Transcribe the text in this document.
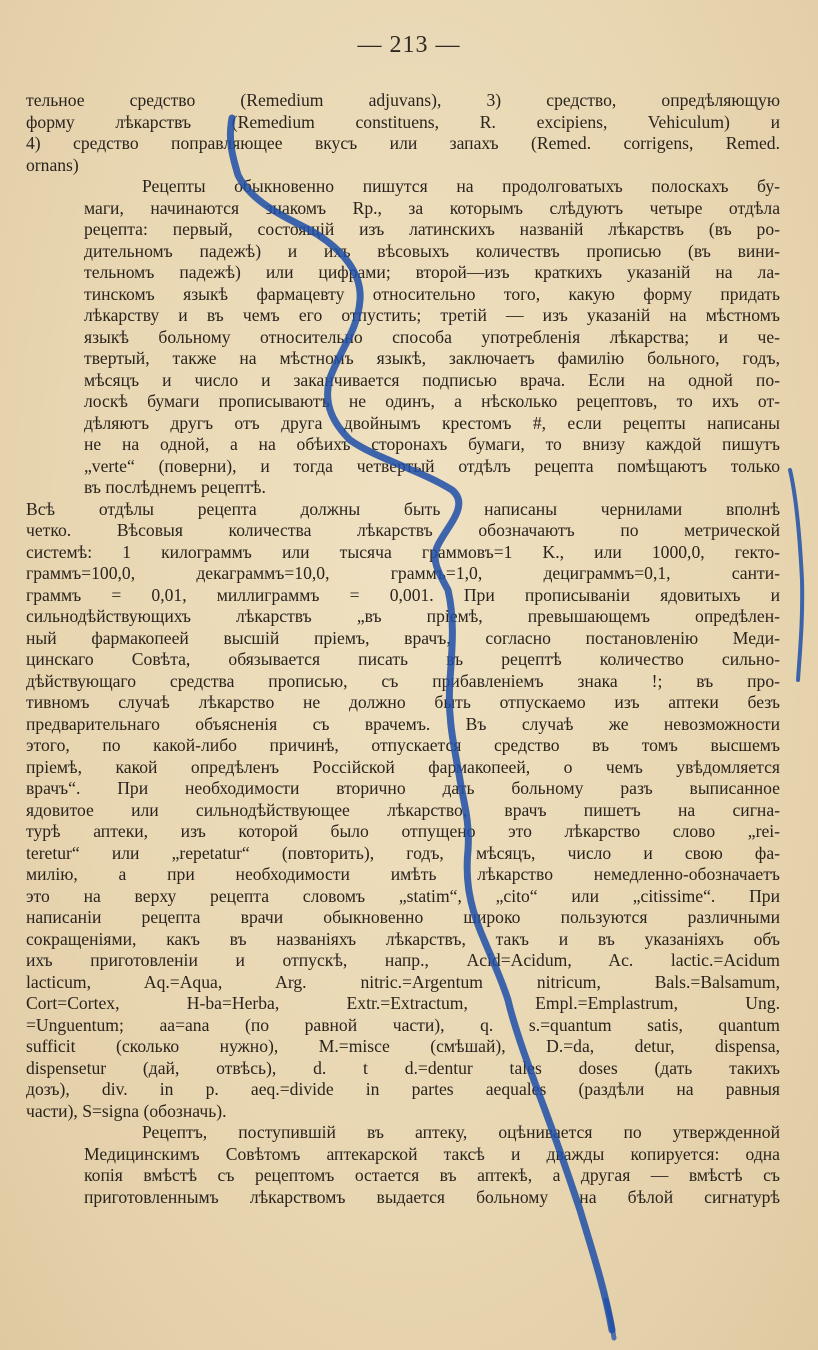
— 213 —

тельное средство (Remedium adjuvans), 3) средство, опредѣляющую
форму лѣкарствъ (Remedium constituens, R. excipiens, Vehiculum) и
4) средство поправляющее вкусъ или запахъ (Remed. corrigens, Remed.
ornans)

Рецепты обыкновенно пишутся на продолговатыхъ полоскахъ бу-
маги, начинаются знакомъ Rp., за которымъ слѣдуютъ четыре отдѣла
рецепта: первый, состоящій изъ латинскихъ названій лѣкарствъ (въ ро-
дительномъ падежѣ) и ихъ вѣсовыхъ количествъ прописью (въ вини-
тельномъ падежѣ) или цифрами; второй—изъ краткихъ указаній на ла-
тинскомъ языкѣ фармацевту относительно того, какую форму придать
лѣкарству и въ чемъ его отпустить; третій — изъ указаній на мѣстномъ
языкѣ больному относительно способа употребленія лѣкарства; и че-
твертый, также на мѣстномъ языкѣ, заключаетъ фамилію больного, годъ,
мѣсяцъ и число и заканчивается подписью врача. Если на одной по-
лоскѣ бумаги прописываютъ не одинъ, а нѣсколько рецептовъ, то ихъ от-
дѣляютъ другъ отъ друга двойнымъ крестомъ #, если рецепты написаны
не на одной, а на обѣихъ сторонахъ бумаги, то внизу каждой пишутъ
„verte“ (поверни), и тогда четвертый отдѣлъ рецепта помѣщаютъ только
въ послѣднемъ рецептѣ.

Всѣ отдѣлы рецепта должны быть написаны чернилами вполнѣ
четко. Вѣсовыя количества лѣкарствъ обозначаютъ по метрической
системѣ: 1 килограммъ или тысяча граммовъ=1 K., или 1000,0, гекто-
граммъ=100,0, декаграммъ=10,0, граммъ=1,0, дециграммъ=0,1, санти-
граммъ = 0,01, миллиграммъ = 0,001. При прописываніи ядовитыхъ и
сильнодѣйствующихъ лѣкарствъ „въ пріемѣ, превышающемъ опредѣлен-
ный фармакопеей высшій пріемъ, врачъ, согласно постановленію Меди-
цинскаго Совѣта, обязывается писать въ рецептѣ количество сильно-
дѣйствующаго средства прописью, съ прибавленіемъ знака !; въ про-
тивномъ случаѣ лѣкарство не должно быть отпускаемо изъ аптеки безъ
предварительнаго объясненія съ врачемъ. Въ случаѣ же невозможности
этого, по какой-либо причинѣ, отпускается средство въ томъ высшемъ
пріемѣ, какой опредѣленъ Россійской фармакопеей, о чемъ увѣдомляется
врачъ“. При необходимости вторично дать больному разъ выписанное
ядовитое или сильнодѣйствующее лѣкарство, врачъ пишетъ на сигна-
турѣ аптеки, изъ которой было отпущено это лѣкарство слово „rei-
teretur“ или „repetatur“ (повторить), годъ, мѣсяцъ, число и свою фа-
милію, а при необходимости имѣть лѣкарство немедленно-обозначаетъ
это на верху рецепта словомъ „statim“, „cito“ или „citissime“. При
написаніи рецепта врачи обыкновенно широко пользуются различными
сокращеніями, какъ въ названіяхъ лѣкарствъ, такъ и въ указаніяхъ объ
ихъ приготовленіи и отпускѣ, напр., Acid=Acidum, Ac. lactic.=Acidum
lacticum, Aq.=Aqua, Arg. nitric.=Argentum nitricum, Bals.=Balsamum,
Cort=Cortex, H-ba=Herba, Extr.=Extractum, Empl.=Emplastrum, Ung.
=Unguentum; aa=ana (по равной части), q. s.=quantum satis, quantum
sufficit (сколько нужно), M.=misce (смѣшай), D.=da, detur, dispensa,
dispensetur (дай, отвѣсь), d. t d.=dentur tales doses (дать такихъ
дозъ), div. in p. aeq.=divide in partes aequales (раздѣли на равныя
части), S=signa (обозначь).

Рецептъ, поступившій въ аптеку, оцѣнивается по утвержденной
Медицинскимъ Совѣтомъ аптекарской таксѣ и дважды копируется: одна
копія вмѣстѣ съ рецептомъ остается въ аптекѣ, а другая — вмѣстѣ съ
приготовленнымъ лѣкарствомъ выдается больному на бѣлой сигнатурѣ
